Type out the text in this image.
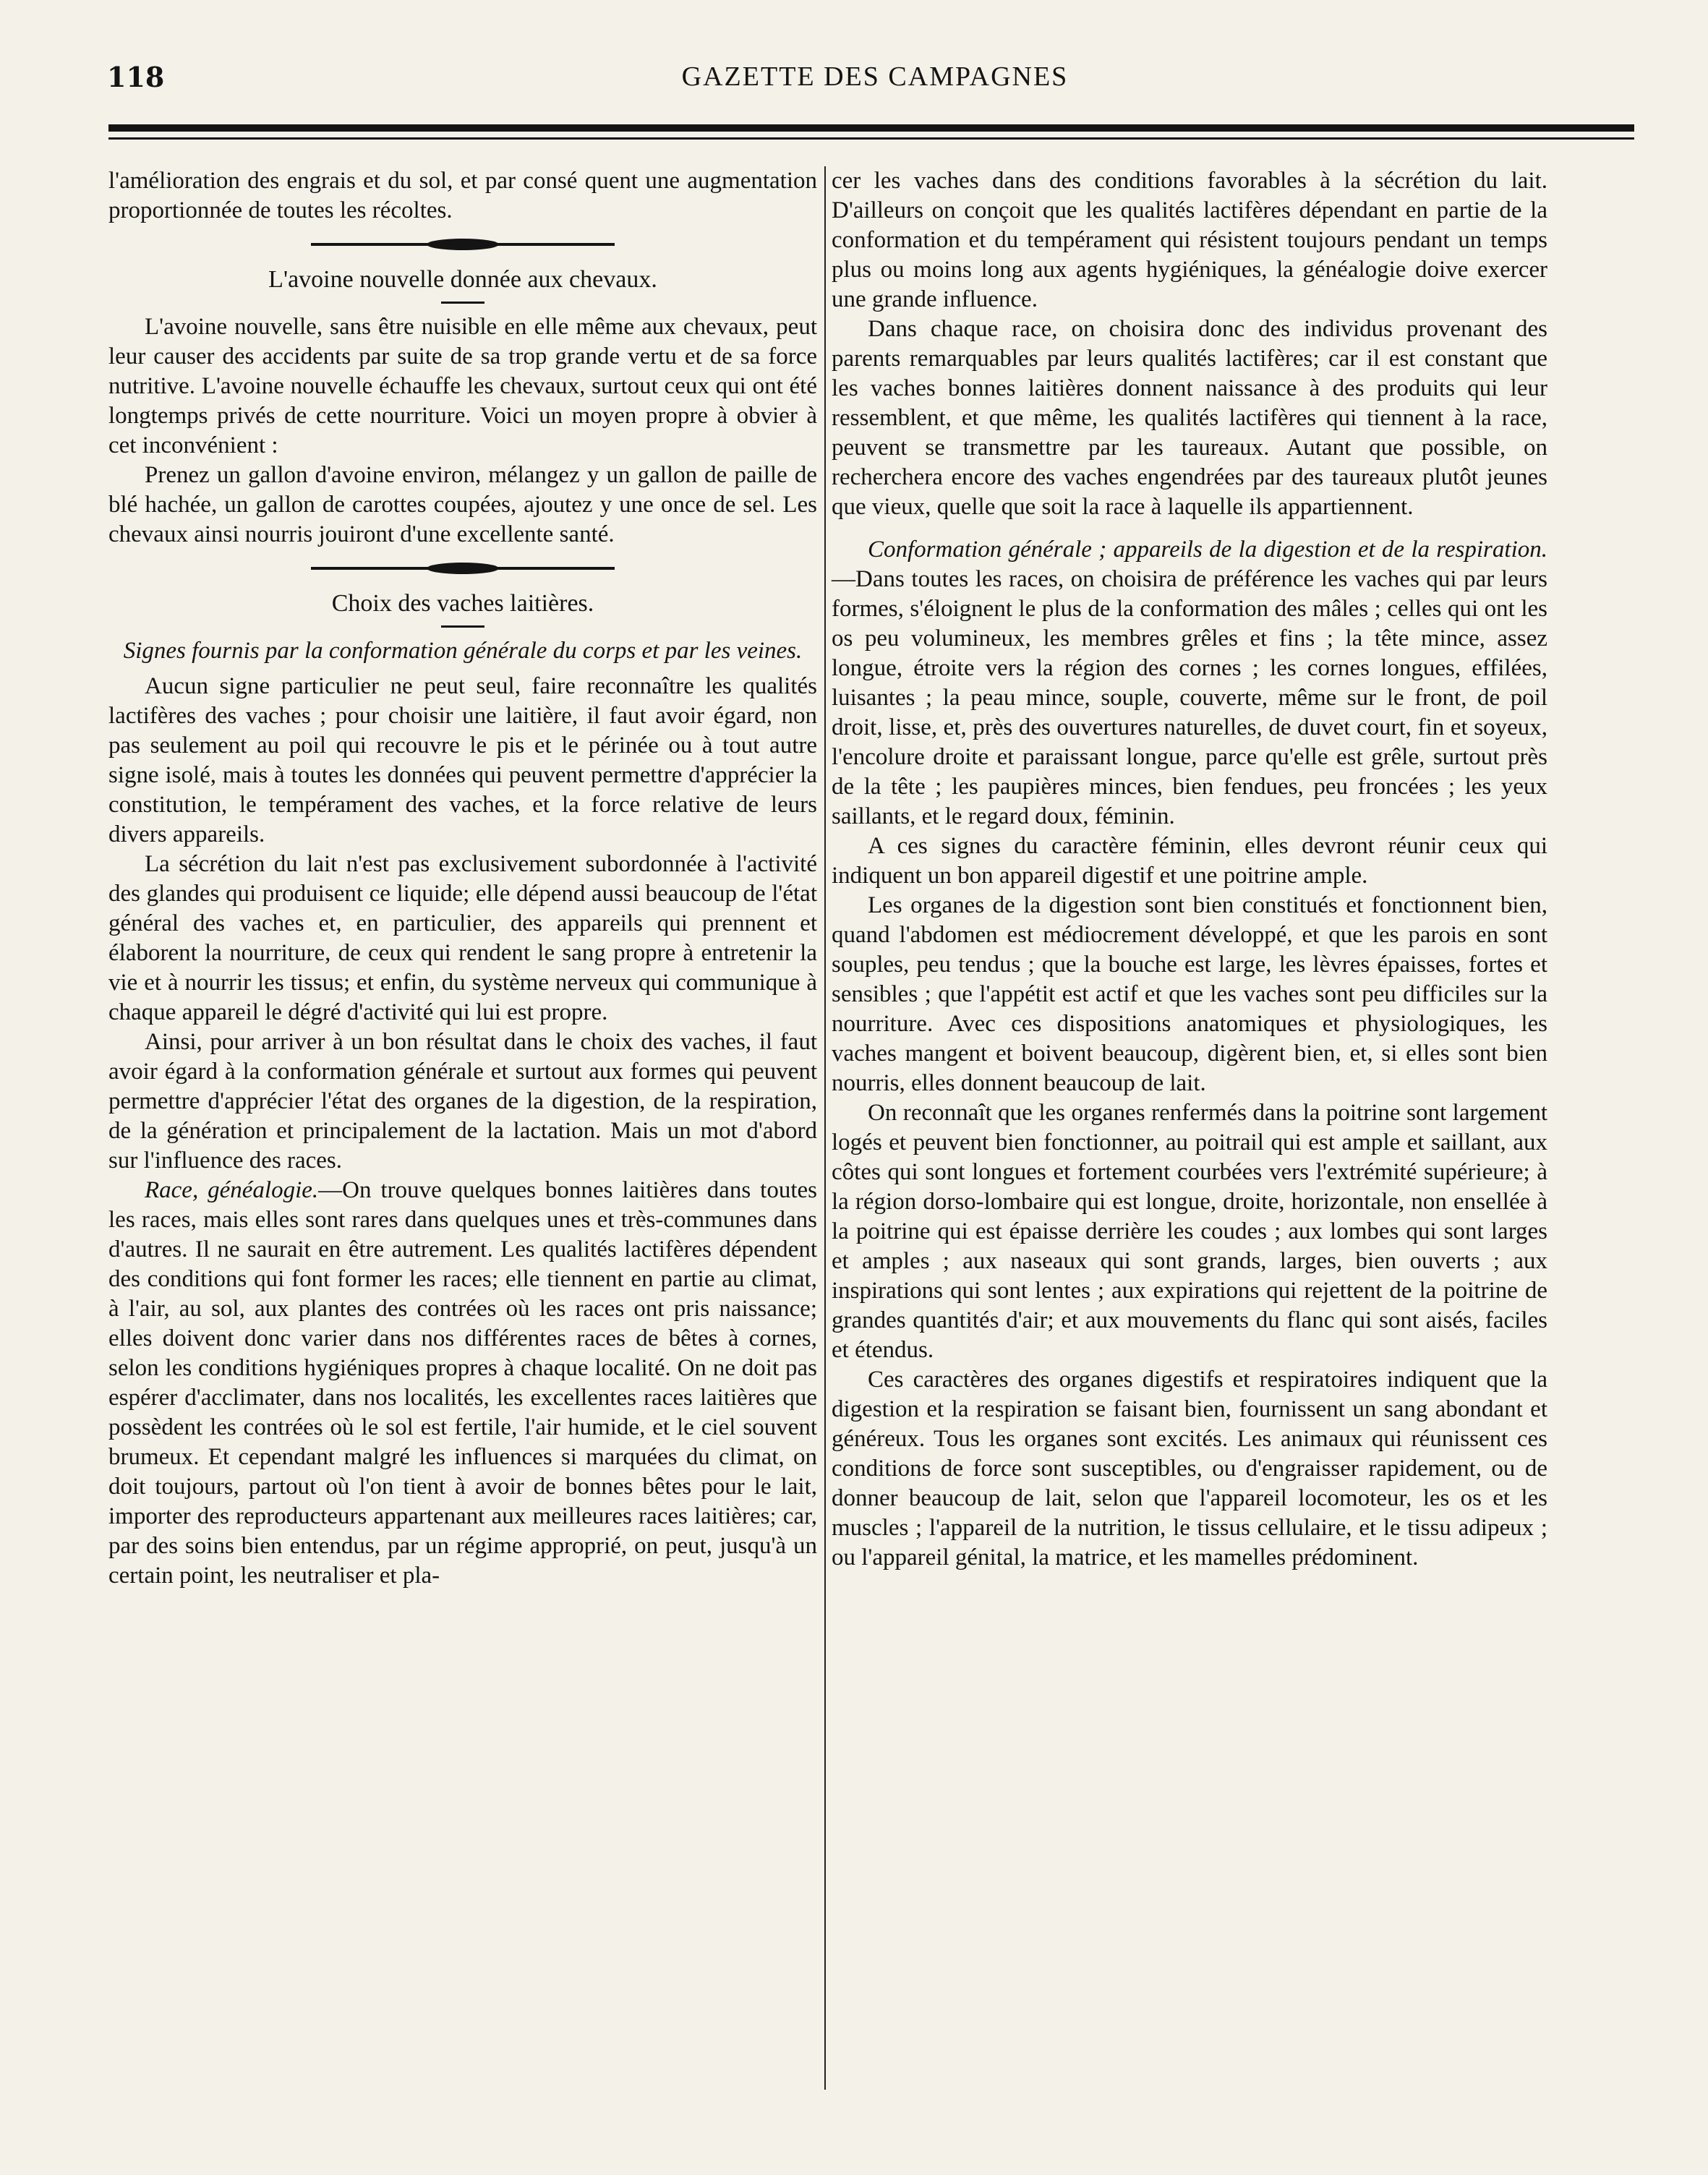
118	GAZETTE DES CAMPAGNES

l'amélioration des engrais et du sol, et par consé quent une augmentation proportionnée de toutes les récoltes.

L'avoine nouvelle donnée aux chevaux.

L'avoine nouvelle, sans être nuisible en elle même aux chevaux, peut leur causer des accidents par suite de sa trop grande vertu et de sa force nutritive. L'avoine nouvelle échauffe les chevaux, surtout ceux qui ont été longtemps privés de cette nourriture. Voici un moyen propre à obvier à cet inconvénient :

Prenez un gallon d'avoine environ, mélangez y un gallon de paille de blé hachée, un gallon de carottes coupées, ajoutez y une once de sel. Les chevaux ainsi nourris jouiront d'une excellente santé.

Choix des vaches laitières.

Signes fournis par la conformation générale du corps et par les veines.

Aucun signe particulier ne peut seul, faire reconnaître les qualités lactifères des vaches ; pour choisir une laitière, il faut avoir égard, non pas seulement au poil qui recouvre le pis et le périnée ou à tout autre signe isolé, mais à toutes les données qui peuvent permettre d'apprécier la constitution, le tempérament des vaches, et la force relative de leurs divers appareils.

La sécrétion du lait n'est pas exclusivement subordonnée à l'activité des glandes qui produisent ce liquide; elle dépend aussi beaucoup de l'état général des vaches et, en particulier, des appareils qui prennent et élaborent la nourriture, de ceux qui rendent le sang propre à entretenir la vie et à nourrir les tissus; et enfin, du système nerveux qui communique à chaque appareil le dégré d'activité qui lui est propre.

Ainsi, pour arriver à un bon résultat dans le choix des vaches, il faut avoir égard à la conformation générale et surtout aux formes qui peuvent permettre d'apprécier l'état des organes de la digestion, de la respiration, de la génération et principalement de la lactation. Mais un mot d'abord sur l'influence des races.

Race, généalogie.—On trouve quelques bonnes laitières dans toutes les races, mais elles sont rares dans quelques unes et très-communes dans d'autres. Il ne saurait en être autrement. Les qualités lactifères dépendent des conditions qui font former les races; elle tiennent en partie au climat, à l'air, au sol, aux plantes des contrées où les races ont pris naissance; elles doivent donc varier dans nos différentes races de bêtes à cornes, selon les conditions hygiéniques propres à chaque localité. On ne doit pas espérer d'acclimater, dans nos localités, les excellentes races laitières que possèdent les contrées où le sol est fertile, l'air humide, et le ciel souvent brumeux. Et cependant malgré les influences si marquées du climat, on doit toujours, partout où l'on tient à avoir de bonnes bêtes pour le lait, importer des reproducteurs appartenant aux meilleures races laitières; car, par des soins bien entendus, par un régime approprié, on peut, jusqu'à un certain point, les neutraliser et pla-

cer les vaches dans des conditions favorables à la sécrétion du lait. D'ailleurs on conçoit que les qualités lactifères dépendant en partie de la conformation et du tempérament qui résistent toujours pendant un temps plus ou moins long aux agents hygiéniques, la généalogie doive exercer une grande influence.

Dans chaque race, on choisira donc des individus provenant des parents remarquables par leurs qualités lactifères; car il est constant que les vaches bonnes laitières donnent naissance à des produits qui leur ressemblent, et que même, les qualités lactifères qui tiennent à la race, peuvent se transmettre par les taureaux. Autant que possible, on recherchera encore des vaches engendrées par des taureaux plutôt jeunes que vieux, quelle que soit la race à laquelle ils appartiennent.

Conformation générale ; appareils de la digestion et de la respiration.—Dans toutes les races, on choisira de préférence les vaches qui par leurs formes, s'éloignent le plus de la conformation des mâles ; celles qui ont les os peu volumineux, les membres grêles et fins ; la tête mince, assez longue, étroite vers la région des cornes ; les cornes longues, effilées, luisantes ; la peau mince, souple, couverte, même sur le front, de poil droit, lisse, et, près des ouvertures naturelles, de duvet court, fin et soyeux, l'encolure droite et paraissant longue, parce qu'elle est grêle, surtout près de la tête ; les paupières minces, bien fendues, peu froncées ; les yeux saillants, et le regard doux, féminin.

A ces signes du caractère féminin, elles devront réunir ceux qui indiquent un bon appareil digestif et une poitrine ample.

Les organes de la digestion sont bien constitués et fonctionnent bien, quand l'abdomen est médiocrement développé, et que les parois en sont souples, peu tendus ; que la bouche est large, les lèvres épaisses, fortes et sensibles ; que l'appétit est actif et que les vaches sont peu difficiles sur la nourriture. Avec ces dispositions anatomiques et physiologiques, les vaches mangent et boivent beaucoup, digèrent bien, et, si elles sont bien nourris, elles donnent beaucoup de lait.

On reconnaît que les organes renfermés dans la poitrine sont largement logés et peuvent bien fonctionner, au poitrail qui est ample et saillant, aux côtes qui sont longues et fortement courbées vers l'extrémité supérieure; à la région dorso-lombaire qui est longue, droite, horizontale, non ensellée à la poitrine qui est épaisse derrière les coudes ; aux lombes qui sont larges et amples ; aux naseaux qui sont grands, larges, bien ouverts ; aux inspirations qui sont lentes ; aux expirations qui rejettent de la poitrine de grandes quantités d'air; et aux mouvements du flanc qui sont aisés, faciles et étendus.

Ces caractères des organes digestifs et respiratoires indiquent que la digestion et la respiration se faisant bien, fournissent un sang abondant et généreux. Tous les organes sont excités. Les animaux qui réunissent ces conditions de force sont susceptibles, ou d'engraisser rapidement, ou de donner beaucoup de lait, selon que l'appareil locomoteur, les os et les muscles ; l'appareil de la nutrition, le tissus cellulaire, et le tissu adipeux ; ou l'appareil génital, la matrice, et les mamelles prédominent.
